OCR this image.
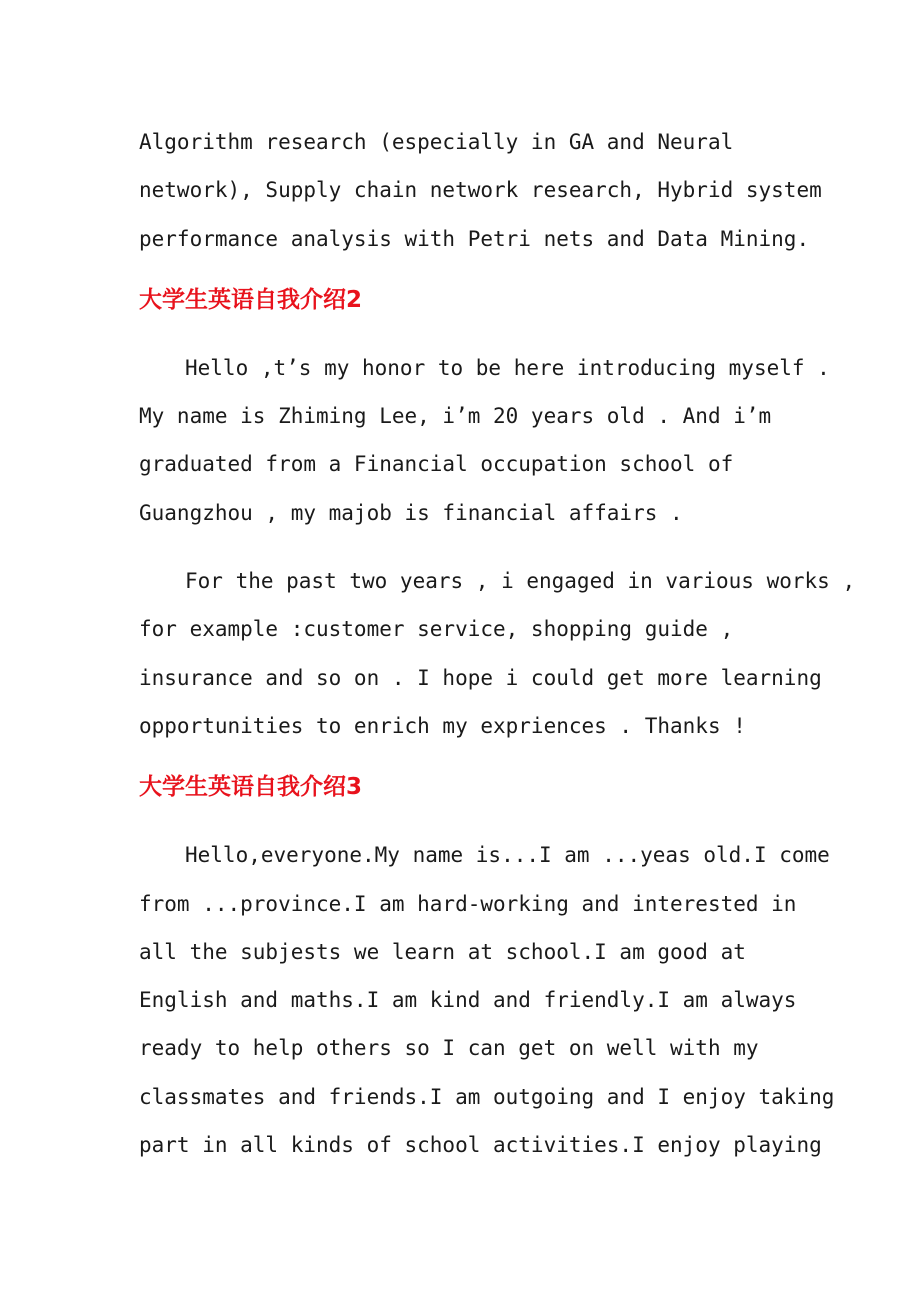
Algorithm research (especially in GA and Neural
network), Supply chain network research, Hybrid system
performance analysis with Petri nets and Data Mining.
大学生英语自我介绍2
Hello ,t’s my honor to be here introducing myself .
My name is Zhiming Lee, i’m 20 years old . And i’m
graduated from a Financial occupation school of
Guangzhou , my majob is financial affairs .
For the past two years , i engaged in various works ,
for example :customer service, shopping guide ,
insurance and so on . I hope i could get more learning
opportunities to enrich my expriences . Thanks !
大学生英语自我介绍3
Hello,everyone.My name is...I am ...yeas old.I come
from ...province.I am hard-working and interested in
all the subjests we learn at school.I am good at
English and maths.I am kind and friendly.I am always
ready to help others so I can get on well with my
classmates and friends.I am outgoing and I enjoy taking
part in all kinds of school activities.I enjoy playing
